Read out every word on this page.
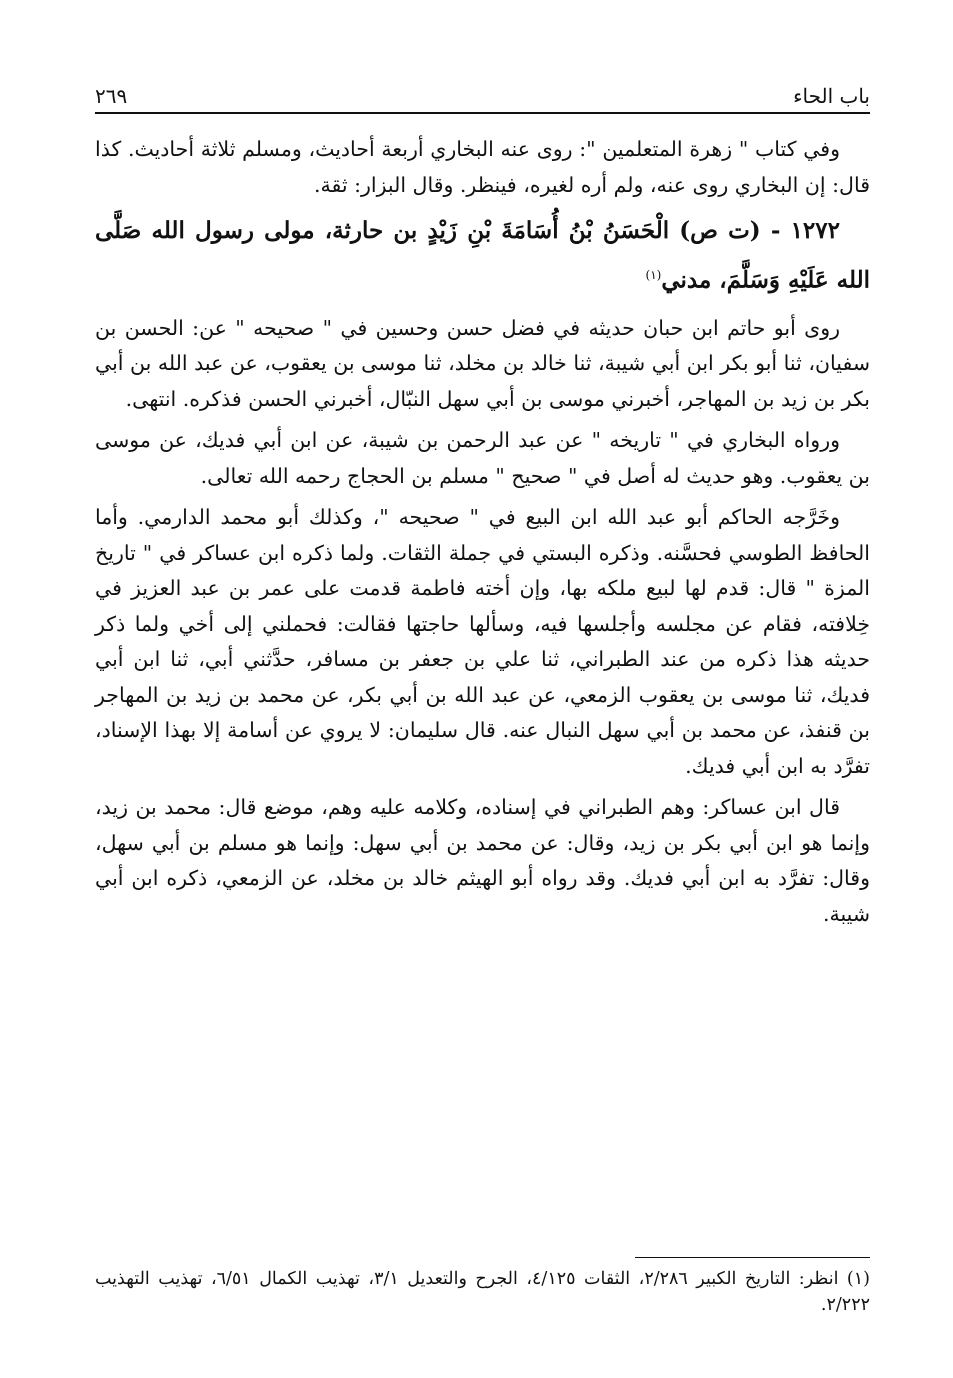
باب الحاء
٢٦٩

وفي كتاب " زهرة المتعلمين ": روى عنه البخاري أربعة أحاديث، ومسلم ثلاثة أحاديث. كذا قال: إن البخاري روى عنه، ولم أره لغيره، فينظر. وقال البزار: ثقة.

١٢٧٢ - (ت ص) الْحَسَنُ بْنُ أُسَامَةَ بْنِ زَيْدٍ بن حارثة، مولى رسول الله صَلَّى الله عَلَيْهِ وَسَلَّمَ، مدني$^{(١)}$

روى أبو حاتم ابن حبان حديثه في فضل حسن وحسين في " صحيحه " عن: الحسن بن سفيان، ثنا أبو بكر ابن أبي شيبة، ثنا خالد بن مخلد، ثنا موسى بن يعقوب، عن عبد الله بن أبي بكر بن زيد بن المهاجر، أخبرني موسى بن أبي سهل النبّال، أخبرني الحسن فذكره. انتهى.

ورواه البخاري في " تاريخه " عن عبد الرحمن بن شيبة، عن ابن أبي فديك، عن موسى بن يعقوب. وهو حديث له أصل في " صحيح " مسلم بن الحجاج رحمه الله تعالى.

وخَرَّجه الحاكم أبو عبد الله ابن البيع في " صحيحه "، وكذلك أبو محمد الدارمي. وأما الحافظ الطوسي فحسَّنه. وذكره البستي في جملة الثقات. ولما ذكره ابن عساكر في " تاريخ المزة " قال: قدم لها لبيع ملكه بها، وإن أخته فاطمة قدمت على عمر بن عبد العزيز في خِلافته، فقام عن مجلسه وأجلسها فيه، وسألها حاجتها فقالت: فحملني إلى أخي ولما ذكر حديثه هذا ذكره من عند الطبراني، ثنا علي بن جعفر بن مسافر، حدَّثني أبي، ثنا ابن أبي فديك، ثنا موسى بن يعقوب الزمعي، عن عبد الله بن أبي بكر، عن محمد بن زيد بن المهاجر بن قنفذ، عن محمد بن أبي سهل النبال عنه. قال سليمان: لا يروي عن أسامة إلا بهذا الإسناد، تفرَّد به ابن أبي فديك.

قال ابن عساكر: وهم الطبراني في إسناده، وكلامه عليه وهم، موضع قال: محمد بن زيد، وإنما هو ابن أبي بكر بن زيد، وقال: عن محمد بن أبي سهل: وإنما هو مسلم بن أبي سهل، وقال: تفرَّد به ابن أبي فديك. وقد رواه أبو الهيثم خالد بن مخلد، عن الزمعي، ذكره ابن أبي شيبة.

(١) انظر: التاريخ الكبير ٢/٢٨٦، الثقات ٤/١٢٥، الجرح والتعديل ٣/١، تهذيب الكمال ٦/٥١، تهذيب التهذيب ٢/٢٢٢.
